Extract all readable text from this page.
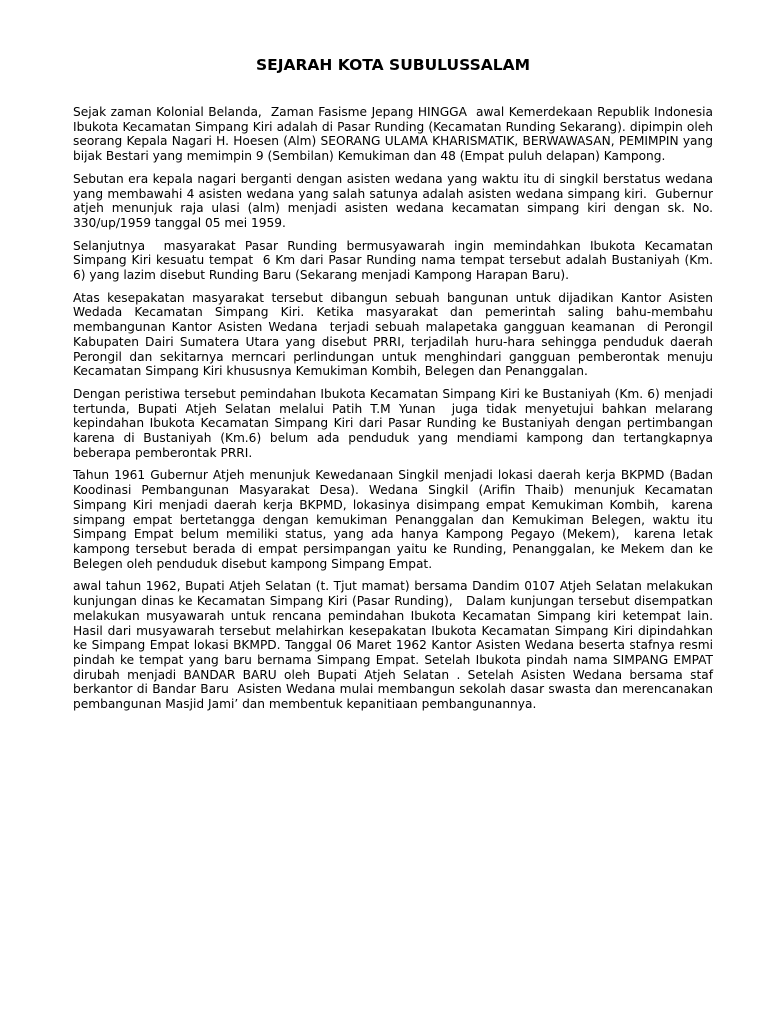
SEJARAH KOTA SUBULUSSALAM

Sejak zaman Kolonial Belanda,  Zaman Fasisme Jepang HINGGA  awal Kemerdekaan Republik Indonesia Ibukota Kecamatan Simpang Kiri adalah di Pasar Runding (Kecamatan Runding Sekarang). dipimpin oleh seorang Kepala Nagari H. Hoesen (Alm) SEORANG ULAMA KHARISMATIK, BERWAWASAN, PEMIMPIN yang bijak Bestari yang memimpin 9 (Sembilan) Kemukiman dan 48 (Empat puluh delapan) Kampong.

Sebutan era kepala nagari berganti dengan asisten wedana yang waktu itu di singkil berstatus wedana yang membawahi 4 asisten wedana yang salah satunya adalah asisten wedana simpang kiri.  Gubernur atjeh menunjuk raja ulasi (alm) menjadi asisten wedana kecamatan simpang kiri dengan sk. No. 330/up/1959 tanggal 05 mei 1959.

Selanjutnya  masyarakat Pasar Runding bermusyawarah ingin memindahkan Ibukota Kecamatan Simpang Kiri kesuatu tempat  6 Km dari Pasar Runding nama tempat tersebut adalah Bustaniyah (Km. 6) yang lazim disebut Runding Baru (Sekarang menjadi Kampong Harapan Baru).

Atas kesepakatan masyarakat tersebut dibangun sebuah bangunan untuk dijadikan Kantor Asisten Wedada Kecamatan Simpang Kiri. Ketika masyarakat dan pemerintah saling bahu-membahu membangunan Kantor Asisten Wedana  terjadi sebuah malapetaka gangguan keamanan  di Perongil Kabupaten Dairi Sumatera Utara yang disebut PRRI, terjadilah huru-hara sehingga penduduk daerah Perongil dan sekitarnya merncari perlindungan untuk menghindari gangguan pemberontak menuju Kecamatan Simpang Kiri khususnya Kemukiman Kombih, Belegen dan Penanggalan.

Dengan peristiwa tersebut pemindahan Ibukota Kecamatan Simpang Kiri ke Bustaniyah (Km. 6) menjadi tertunda, Bupati Atjeh Selatan melalui Patih T.M Yunan  juga tidak menyetujui bahkan melarang kepindahan Ibukota Kecamatan Simpang Kiri dari Pasar Runding ke Bustaniyah dengan pertimbangan karena di Bustaniyah (Km.6) belum ada penduduk yang mendiami kampong dan tertangkapnya beberapa pemberontak PRRI.

Tahun 1961 Gubernur Atjeh menunjuk Kewedanaan Singkil menjadi lokasi daerah kerja BKPMD (Badan Koodinasi Pembangunan Masyarakat Desa). Wedana Singkil (Arifin Thaib) menunjuk Kecamatan Simpang Kiri menjadi daerah kerja BKPMD, lokasinya disimpang empat Kemukiman Kombih,  karena simpang empat bertetangga dengan kemukiman Penanggalan dan Kemukiman Belegen, waktu itu Simpang Empat belum memiliki status, yang ada hanya Kampong Pegayo (Mekem),  karena letak kampong tersebut berada di empat persimpangan yaitu ke Runding, Penanggalan, ke Mekem dan ke Belegen oleh penduduk disebut kampong Simpang Empat.

awal tahun 1962, Bupati Atjeh Selatan (t. Tjut mamat) bersama Dandim 0107 Atjeh Selatan melakukan kunjungan dinas ke Kecamatan Simpang Kiri (Pasar Runding),   Dalam kunjungan tersebut disempatkan melakukan musyawarah untuk rencana pemindahan Ibukota Kecamatan Simpang kiri ketempat lain. Hasil dari musyawarah tersebut melahirkan kesepakatan Ibukota Kecamatan Simpang Kiri dipindahkan ke Simpang Empat lokasi BKMPD. Tanggal 06 Maret 1962 Kantor Asisten Wedana beserta stafnya resmi pindah ke tempat yang baru bernama Simpang Empat. Setelah Ibukota pindah nama SIMPANG EMPAT dirubah menjadi BANDAR BARU oleh Bupati Atjeh Selatan . Setelah Asisten Wedana bersama staf berkantor di Bandar Baru  Asisten Wedana mulai membangun sekolah dasar swasta dan merencanakan pembangunan Masjid Jami’ dan membentuk kepanitiaan pembangunannya.
